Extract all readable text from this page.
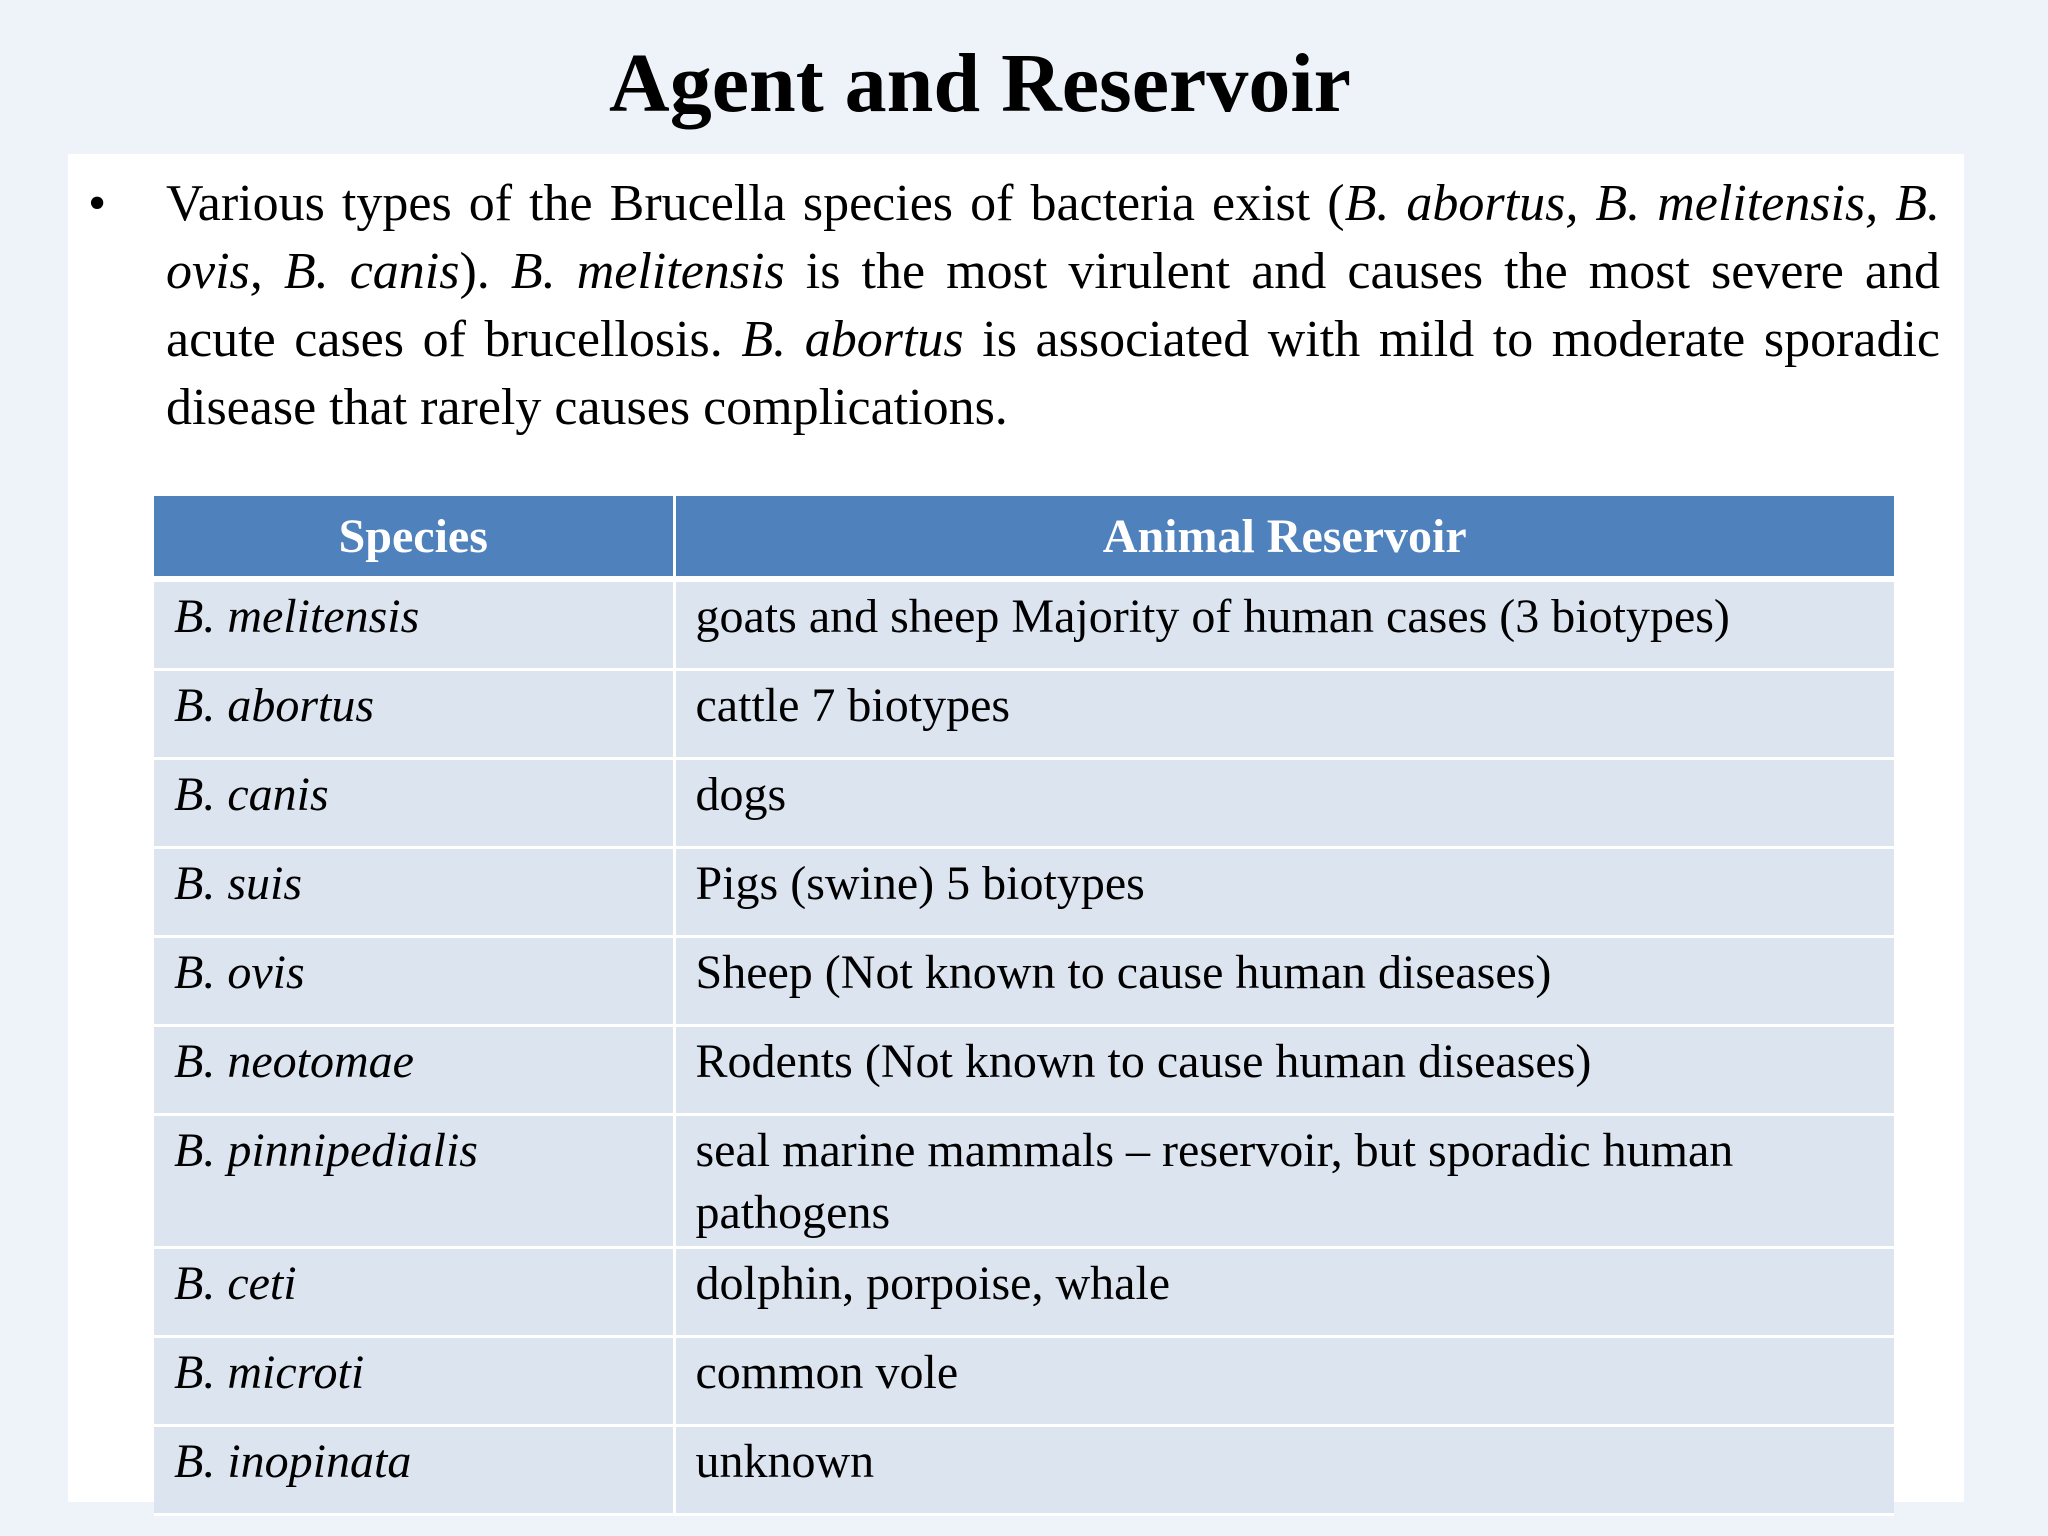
Agent and Reservoir
• Various types of the Brucella species of bacteria exist (B. abortus, B. melitensis, B. ovis, B. canis). B. melitensis is the most virulent and causes the most severe and acute cases of brucellosis. B. abortus is associated with mild to moderate sporadic disease that rarely causes complications.

Species	Animal Reservoir
B. melitensis	goats and sheep Majority of human cases (3 biotypes)
B. abortus	cattle 7 biotypes
B. canis	dogs
B. suis	Pigs (swine) 5 biotypes
B. ovis	Sheep (Not known to cause human diseases)
B. neotomae	Rodents (Not known to cause human diseases)
B. pinnipedialis	seal marine mammals – reservoir, but sporadic human pathogens
B. ceti	dolphin, porpoise, whale
B. microti	common vole
B. inopinata	unknown
